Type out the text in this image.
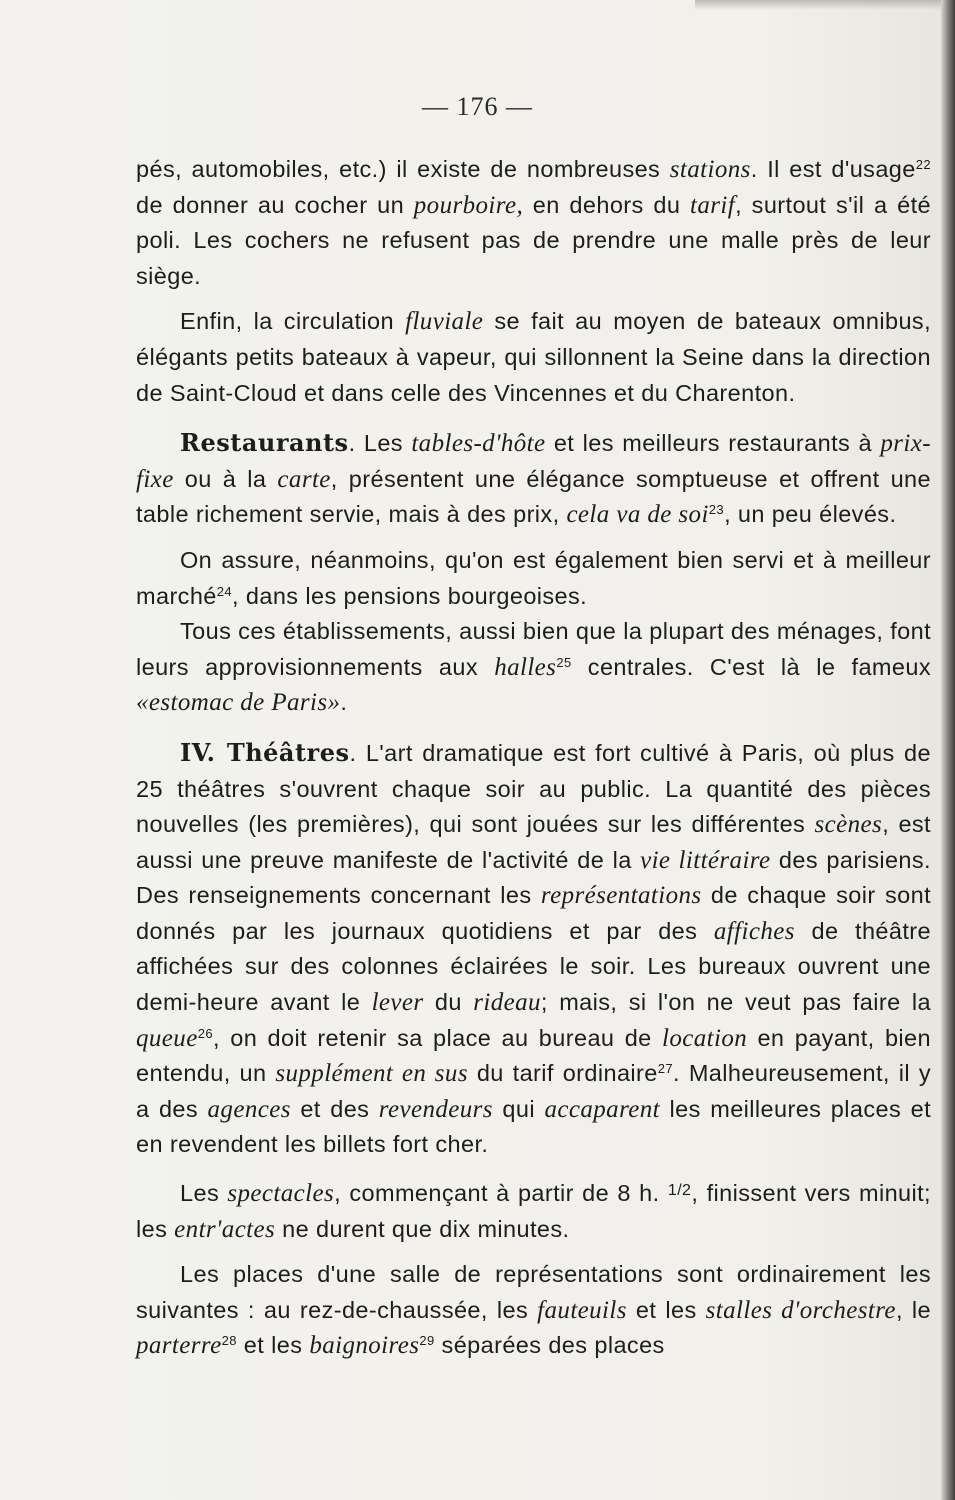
— 176 —

pés, automobiles, etc.) il existe de nombreuses stations. Il est d'usage$^{22}$ de donner au cocher un pourboire, en dehors du tarif, surtout s'il a été poli. Les cochers ne refusent pas de prendre une malle près de leur siège.

Enfin, la circulation fluviale se fait au moyen de bateaux omnibus, élégants petits bateaux à vapeur, qui sillonnent la Seine dans la direction de Saint-Cloud et dans celle des Vincennes et du Charenton.

Restaurants. Les tables-d'hôte et les meilleurs restaurants à prix-fixe ou à la carte, présentent une élégance somptueuse et offrent une table richement servie, mais à des prix, cela va de soi$^{23}$, un peu élevés.

On assure, néanmoins, qu'on est également bien servi et à meilleur marché$^{24}$, dans les pensions bourgeoises.

Tous ces établissements, aussi bien que la plupart des ménages, font leurs approvisionnements aux halles$^{25}$ centrales. C'est là le fameux «estomac de Paris».

IV. Théâtres. L'art dramatique est fort cultivé à Paris, où plus de 25 théâtres s'ouvrent chaque soir au public. La quantité des pièces nouvelles (les premières), qui sont jouées sur les différentes scènes, est aussi une preuve manifeste de l'activité de la vie littéraire des parisiens. Des renseignements concernant les représentations de chaque soir sont donnés par les journaux quotidiens et par des affiches de théâtre affichées sur des colonnes éclairées le soir. Les bureaux ouvrent une demi-heure avant le lever du rideau; mais, si l'on ne veut pas faire la queue$^{26}$, on doit retenir sa place au bureau de location en payant, bien entendu, un supplément en sus du tarif ordinaire$^{27}$. Malheureusement, il y a des agences et des revendeurs qui accaparent les meilleures places et en revendent les billets fort cher.

Les spectacles, commençant à partir de 8 h. $^{1/2}$, finissent vers minuit; les entr'actes ne durent que dix minutes.

Les places d'une salle de représentations sont ordinairement les suivantes : au rez-de-chaussée, les fauteuils et les stalles d'orchestre, le parterre$^{28}$ et les baignoires$^{29}$ séparées des places
